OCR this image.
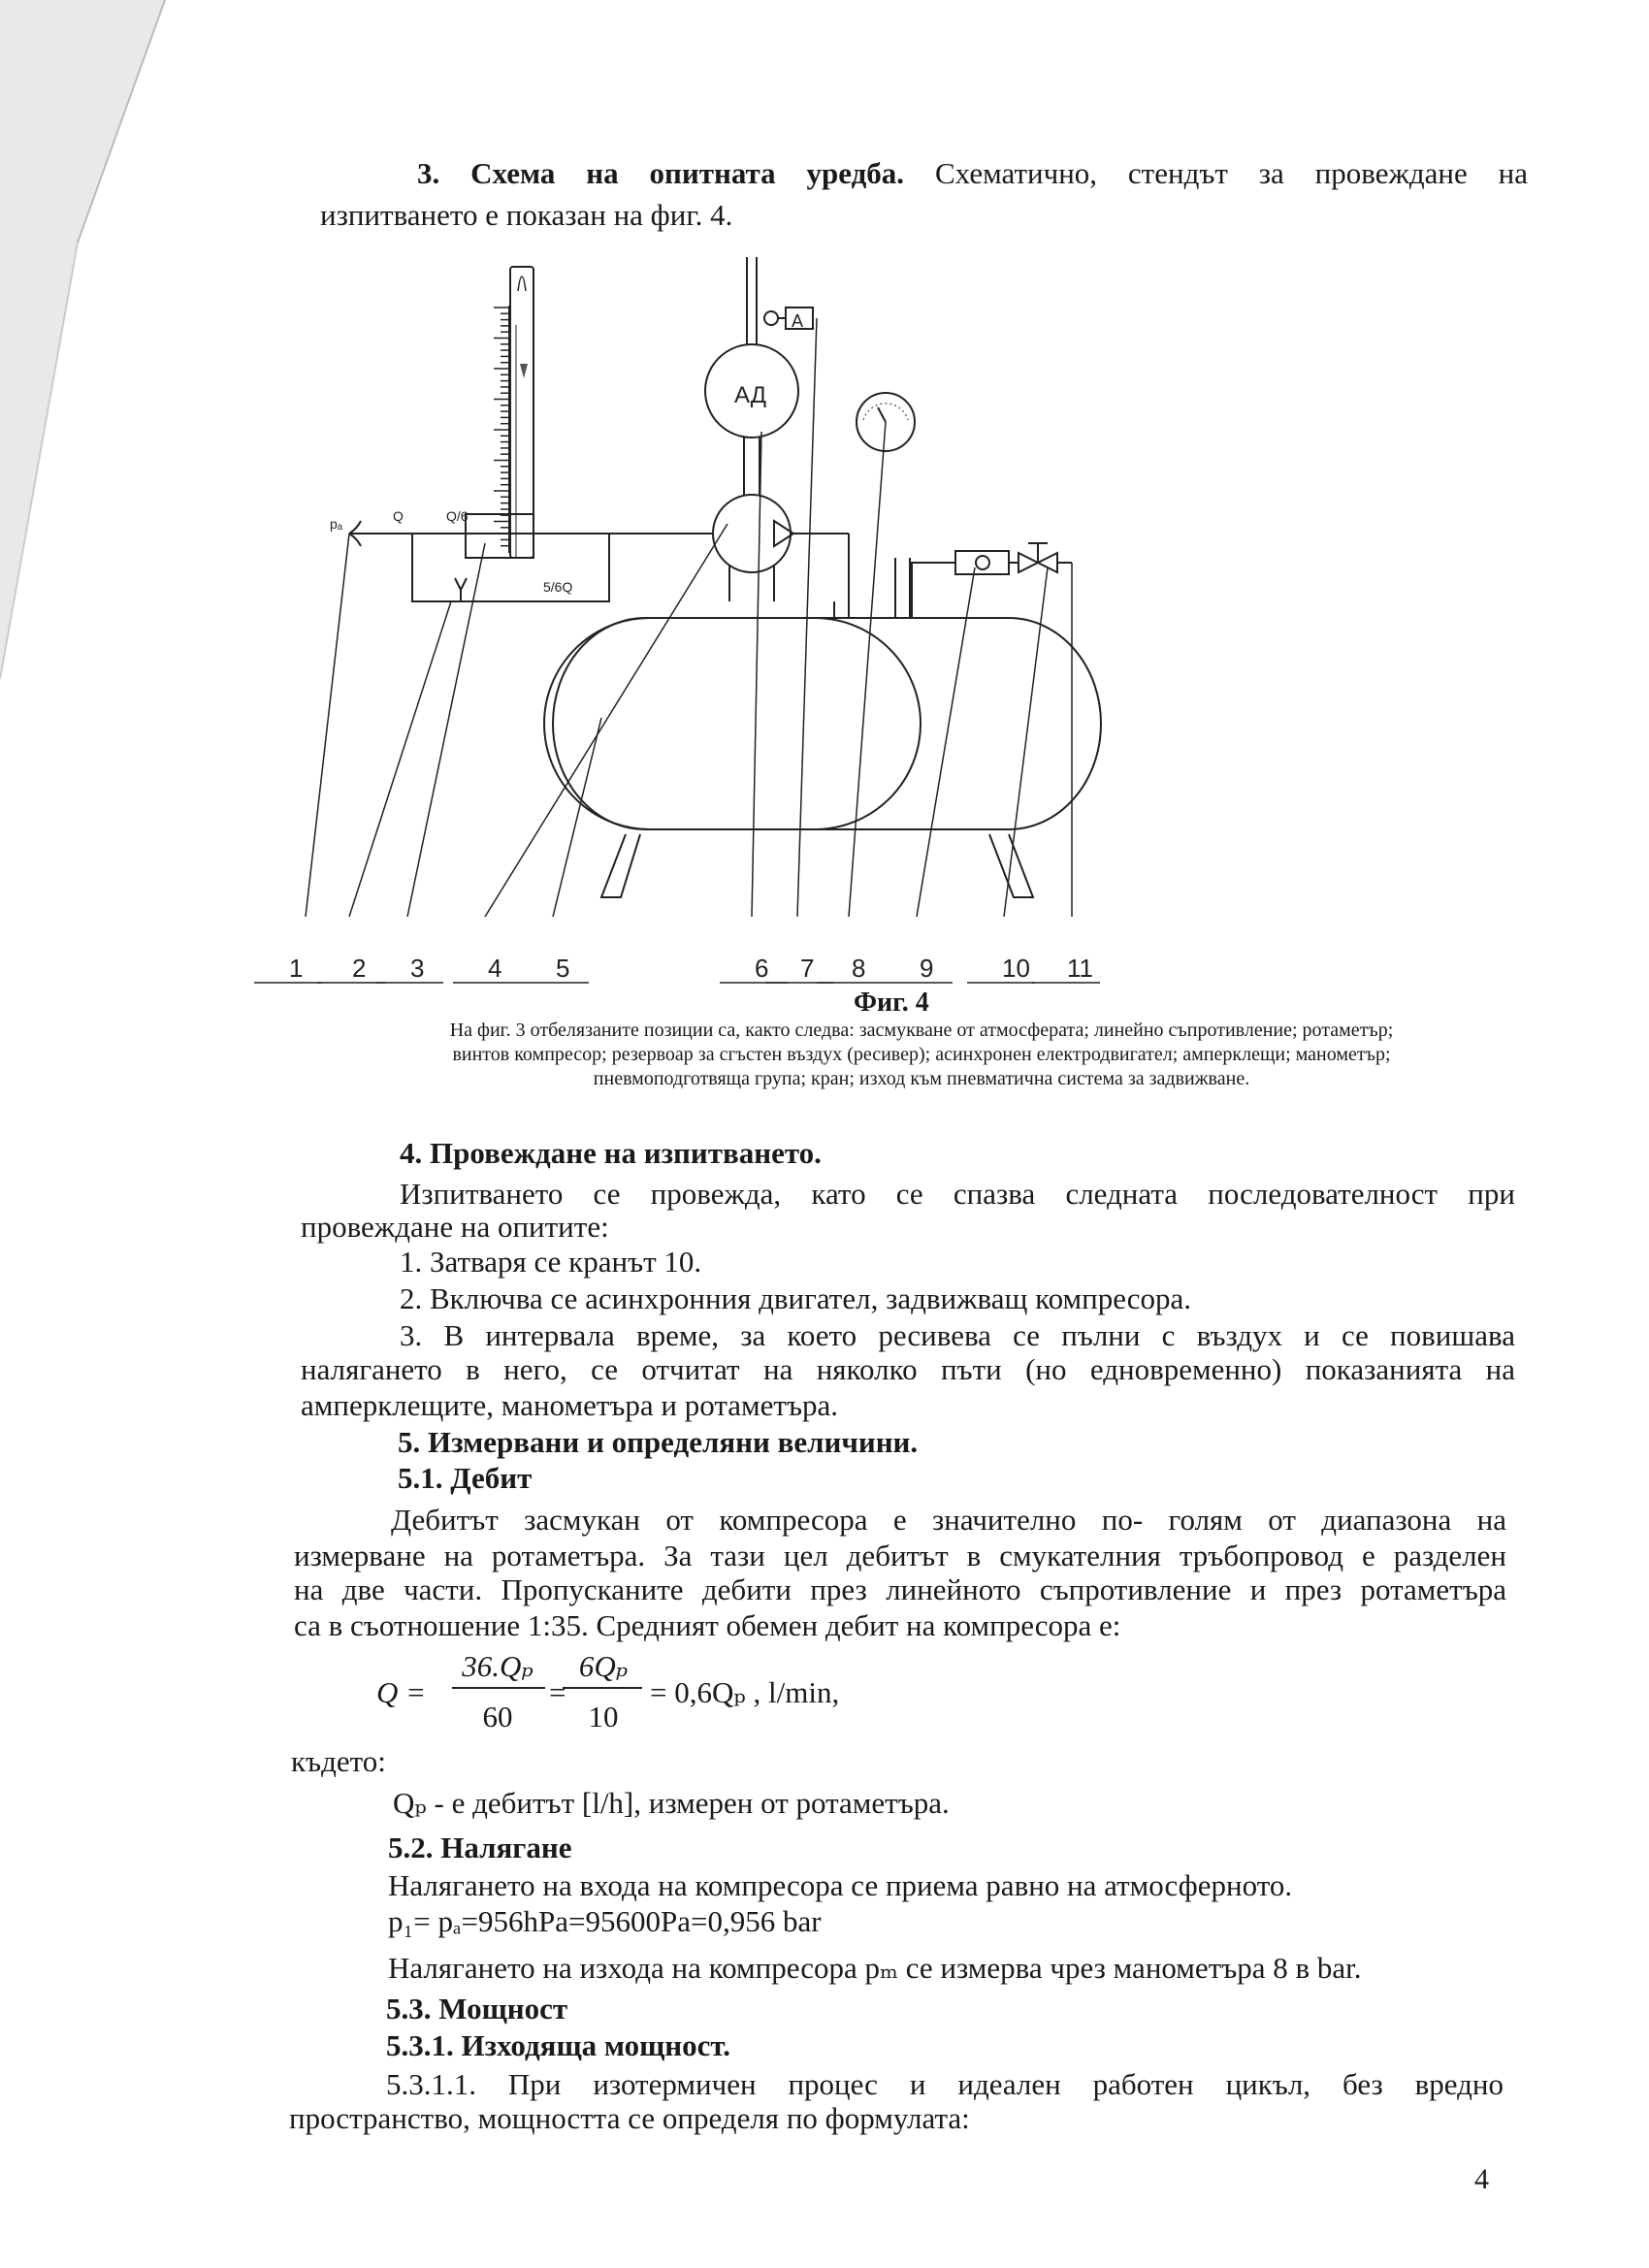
3. Схема на опитната уредба. Схематично, стендът за провеждане на
изпитването е показан на фиг. 4.
pₐ	Q	Q/6
5/6Q
АД
А
1 2 3	4 5	6 7 8 9	10 11
Фиг. 4
На фиг. 3 отбелязаните позиции са, както следва: засмукване от атмосферата; линейно съпротивление; ротаметър;
винтов компресор; резервоар за сгъстен въздух (ресивер); асинхронен електродвигател; амперклещи; манометър;
пневмоподготвяща група; кран; изход към пневматична система за задвижване.
4. Провеждане на изпитването.
Изпитването се провежда, като се спазва следната последователност при
провеждане на опитите:
1. Затваря се кранът 10.
2. Включва се асинхронния двигател, задвижващ компресора.
3. В интервала време, за което ресивева се пълни с въздух и се повишава
налягането в него, се отчитат на няколко пъти (но едновременно) показанията на
амперклещите, манометъра и ротаметъра.
5. Измервани и определяни величини.
5.1. Дебит
Дебитът засмукан от компресора е значително по- голям от диапазона на
измерване на ротаметъра. За тази цел дебитът в смукателния тръбопровод е разделен
на две части. Пропусканите дебити през линейното съпротивление и през ротаметъра
са в съотношение 1:35. Средният обемен дебит на компресора е:
Q =
36.Qₚ
60
=
6Qₚ
10
= 0,6Qₚ , l/min,
където:
Qₚ - е дебитът [l/h], измерен от ротаметъра.
5.2. Налягане
Налягането на входа на компресора се приема равно на атмосферното.
p₁= pₐ=956hPa=95600Pa=0,956 bar
Налягането на изхода на компресора pₘ се измерва чрез манометъра 8 в bar.
5.3. Мощност
5.3.1. Изходяща мощност.
5.3.1.1. При изотермичен процес и идеален работен цикъл, без вредно
пространство, мощността се определя по формулата:
4
